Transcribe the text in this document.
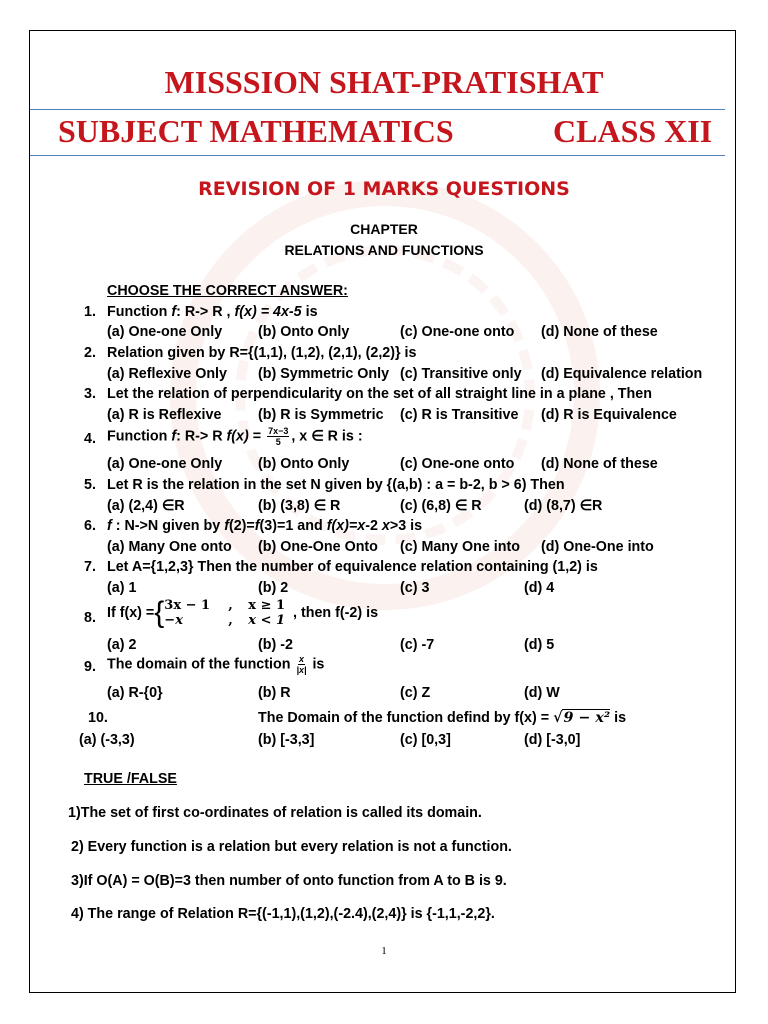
MISSSION SHAT-PRATISHAT
SUBJECT MATHEMATICS	CLASS XII
REVISION OF 1 MARKS QUESTIONS
CHAPTER
RELATIONS AND FUNCTIONS
CHOOSE THE CORRECT ANSWER:
1. Function f: R-> R , f(x) = 4x-5 is
(a) One-one Only	(b) Onto Only	(c) One-one onto (d) None of these
2. Relation given by R={(1,1), (1,2), (2,1), (2,2)} is
(a) Reflexive Only (b) Symmetric Only (c) Transitive only (d) Equivalence relation
3. Let the relation of perpendicularity on the set of all straight line in a plane , Then
(a) R is Reflexive	(b) R is Symmetric (c) R is Transitive (d) R is Equivalence
4. Function f: R-> R $f(x) = \frac{7x-3}{5}$ , x ∈ R is :
(a) One-one Only	(b) Onto Only	(c) One-one onto (d) None of these
5. Let R is the relation in the set N given by {(a,b) : a = b-2, b > 6) Then
(a) (2,4) ∈R	(b) (3,8) ∈ R	(c) (6,8) ∈ R	(d) (8,7) ∈R
6. f : N->N given by f(2)=f(3)=1 and f(x)=x-2 x>3 is
(a) Many One onto (b) One-One Onto (c) Many One into (d) One-One into
7. Let A={1,2,3} Then the number of equivalence relation containing (1,2) is
(a) 1	(b) 2	(c) 3	(d) 4
8. If f(x) = { 3x − 1	,	x ≥ 1
−x	,	x < 1 , then f(-2) is
(a) 2	(b) -2	(c) -7	(d) 5
9. The domain of the function $\frac{x}{|x|}$ is
(a) R-{0}	(b) R	(c) Z	(d) W
10.	The Domain of the function defind by f(x) = √9 − x² is
(a) (-3,3)	(b) [-3,3]	(c) [0,3]	(d) [-3,0]
TRUE /FALSE
1)The set of first co-ordinates of relation is called its domain.
2) Every function is a relation but every relation is not a function.
3)If O(A) = O(B)=3 then number of onto function from A to B is 9.
4) The range of Relation R={(-1,1),(1,2),(-2.4),(2,4)} is {-1,1,-2,2}.
1
